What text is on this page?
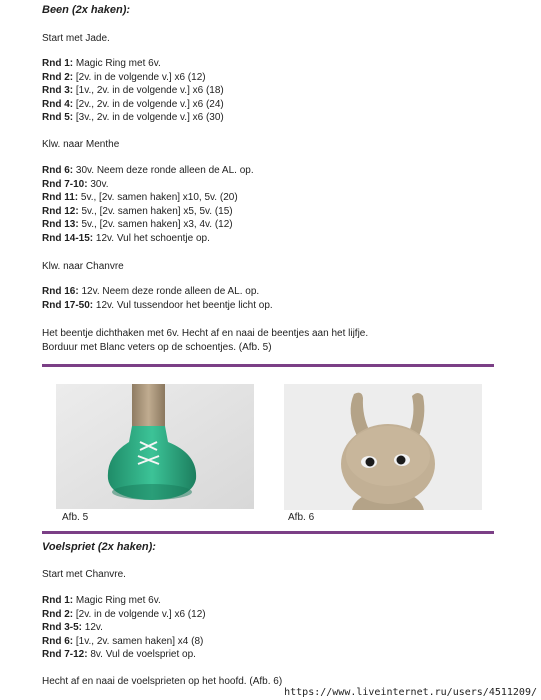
Been (2x haken):
Start met Jade.
Rnd 1: Magic Ring met 6v.
Rnd 2: [2v. in de volgende v.] x6 (12)
Rnd 3: [1v., 2v. in de volgende v.] x6 (18)
Rnd 4: [2v., 2v. in de volgende v.] x6 (24)
Rnd 5: [3v., 2v. in de volgende v.] x6 (30)
Klw. naar Menthe
Rnd 6: 30v. Neem deze ronde alleen de AL. op.
Rnd 7-10: 30v.
Rnd 11: 5v., [2v. samen haken] x10, 5v. (20)
Rnd 12: 5v., [2v. samen haken] x5, 5v. (15)
Rnd 13: 5v., [2v. samen haken] x3, 4v. (12)
Rnd 14-15: 12v. Vul het schoentje op.
Klw. naar Chanvre
Rnd 16: 12v. Neem deze ronde alleen de AL. op.
Rnd 17-50: 12v. Vul tussendoor het beentje licht op.
Het beentje dichthaken met 6v. Hecht af en naai de beentjes aan het lijfje.
Borduur met Blanc veters op de schoentjes. (Afb. 5)
Afb. 5	Afb. 6
Voelspriet (2x haken):
Start met Chanvre.
Rnd 1: Magic Ring met 6v.
Rnd 2: [2v. in de volgende v.] x6 (12)
Rnd 3-5: 12v.
Rnd 6: [1v., 2v. samen haken] x4 (8)
Rnd 7-12: 8v. Vul de voelspriet op.
Hecht af en naai de voelsprieten op het hoofd. (Afb. 6)
https://www.liveinternet.ru/users/4511209/
